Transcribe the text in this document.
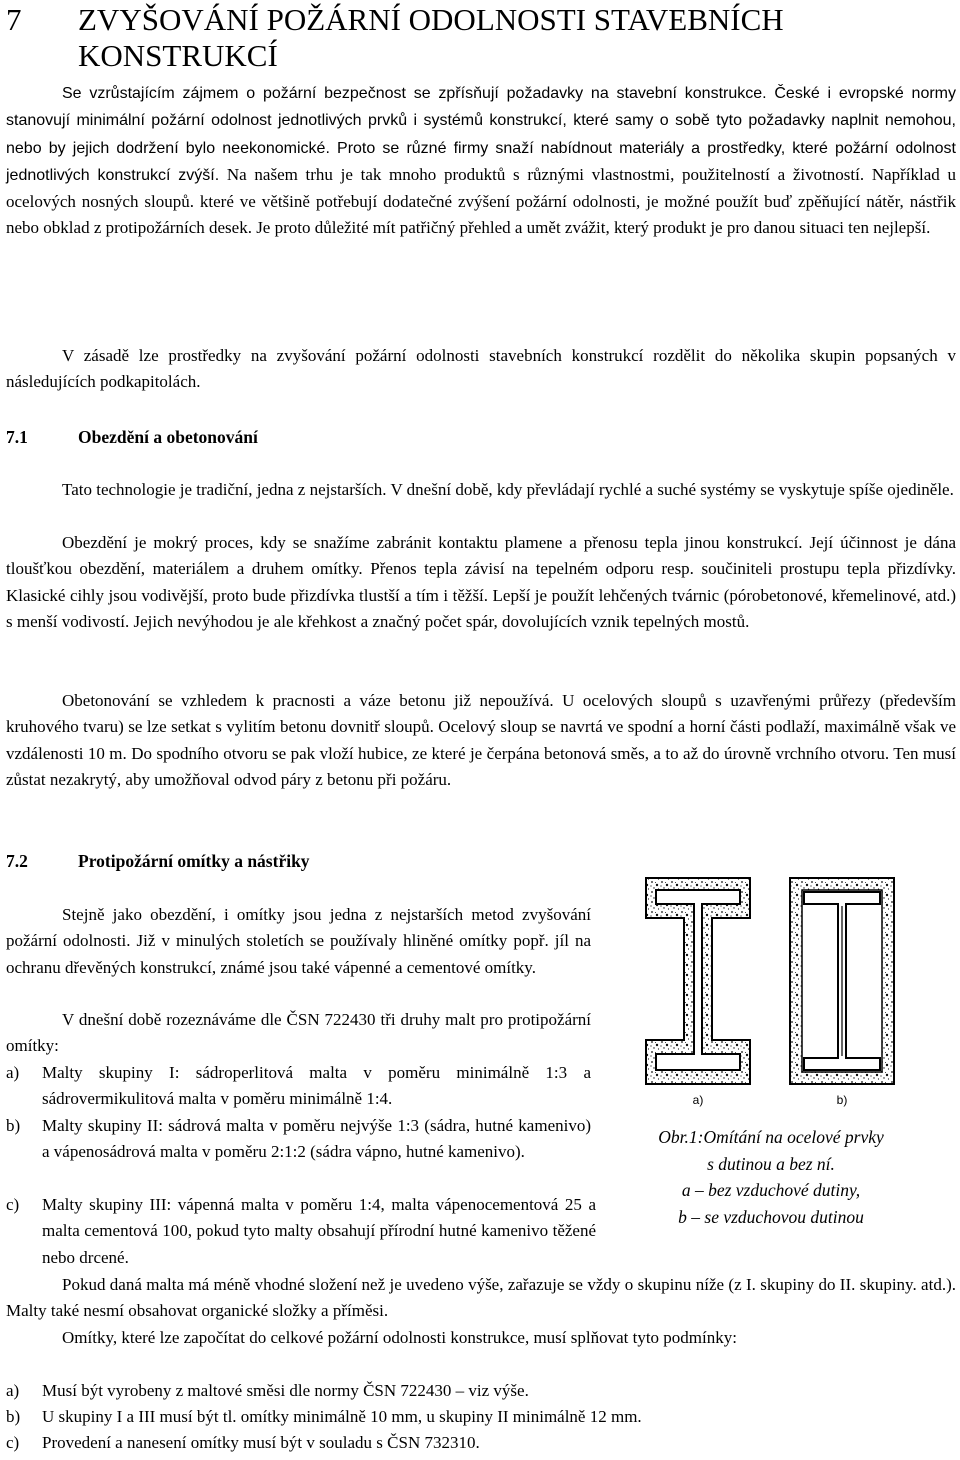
7 ZVYŠOVÁNÍ POŽÁRNÍ ODOLNOSTI STAVEBNÍCH KONSTRUKCÍ

Se vzrůstajícím zájmem o požární bezpečnost se zpřísňují požadavky na stavební konstrukce. České i evropské normy stanovují minimální požární odolnost jednotlivých prvků i systémů konstrukcí, které samy o sobě tyto požadavky naplnit nemohou, nebo by jejich dodržení bylo neekonomické. Proto se různé firmy snaží nabídnout materiály a prostředky, které požární odolnost jednotlivých konstrukcí zvýší. Na našem trhu je tak mnoho produktů s různými vlastnostmi, použitelností a životností. Například u ocelových nosných sloupů. které ve většině potřebují dodatečné zvýšení požární odolnosti, je možné použít buď zpěňující nátěr, nástřik nebo obklad z protipožárních desek. Je proto důležité mít patřičný přehled a umět zvážit, který produkt je pro danou situaci ten nejlepší.

V zásadě lze prostředky na zvyšování požární odolnosti stavebních konstrukcí rozdělit do několika skupin popsaných v následujících podkapitolách.

7.1	Obezdění a obetonování

Tato technologie je tradiční, jedna z nejstarších. V dnešní době, kdy převládají rychlé a suché systémy se vyskytuje spíše ojediněle.

Obezdění je mokrý proces, kdy se snažíme zabránit kontaktu plamene a přenosu tepla jinou konstrukcí. Její účinnost je dána tloušťkou obezdění, materiálem a druhem omítky. Přenos tepla závisí na tepelném odporu resp. součiniteli prostupu tepla přizdívky. Klasické cihly jsou vodivější, proto bude přizdívka tlustší a tím i těžší. Lepší je použít lehčených tvárnic (pórobetonové, křemelinové, atd.) s menší vodivostí. Jejich nevýhodou je ale křehkost a značný počet spár, dovolujících vznik tepelných mostů.

Obetonování se vzhledem k pracnosti a váze betonu již nepoužívá. U ocelových sloupů s uzavřenými průřezy (především kruhového tvaru) se lze setkat s vylitím betonu dovnitř sloupů. Ocelový sloup se navrtá ve spodní a horní části podlaží, maximálně však ve vzdálenosti 10 m. Do spodního otvoru se pak vloží hubice, ze které je čerpána betonová směs, a to až do úrovně vrchního otvoru. Ten musí zůstat nezakrytý, aby umožňoval odvod páry z betonu při požáru.

7.2	Protipožární omítky a nástřiky

Stejně jako obezdění, i omítky jsou jedna z nejstarších metod zvyšování požární odolnosti. Již v minulých stoletích se používaly hliněné omítky popř. jíl na ochranu dřevěných konstrukcí, známé jsou také vápenné a cementové omítky.

V dnešní době rozeznáváme dle ČSN 722430 tři druhy malt pro protipožární omítky:

a) Malty skupiny I: sádroperlitová malta v poměru minimálně 1:3 a sádrovermikulitová malta v poměru minimálně 1:4.
b) Malty skupiny II: sádrová malta v poměru nejvýše 1:3 (sádra, hutné kamenivo) a vápenosádrová malta v poměru 2:1:2 (sádra vápno, hutné kamenivo).
c) Malty skupiny III: vápenná malta v poměru 1:4, malta vápenocementová 25 a malta cementová 100, pokud tyto malty obsahují přírodní hutné kamenivo těžené nebo drcené.

Pokud daná malta má méně vhodné složení než je uvedeno výše, zařazuje se vždy o skupinu níže (z I. skupiny do II. skupiny. atd.). Malty také nesmí obsahovat organické složky a příměsi.

Omítky, které lze započítat do celkové požární odolnosti konstrukce, musí splňovat tyto podmínky:

a) Musí být vyrobeny z maltové směsi dle normy ČSN 722430 – viz výše.
b) U skupiny I a III musí být tl. omítky minimálně 10 mm, u skupiny II minimálně 12 mm.
c) Provedení a nanesení omítky musí být v souladu s ČSN 732310.
a)	b)
Obr.1:Omítání na ocelové prvky
s dutinou a bez ní.
a – bez vzduchové dutiny,
b – se vzduchovou dutinou
